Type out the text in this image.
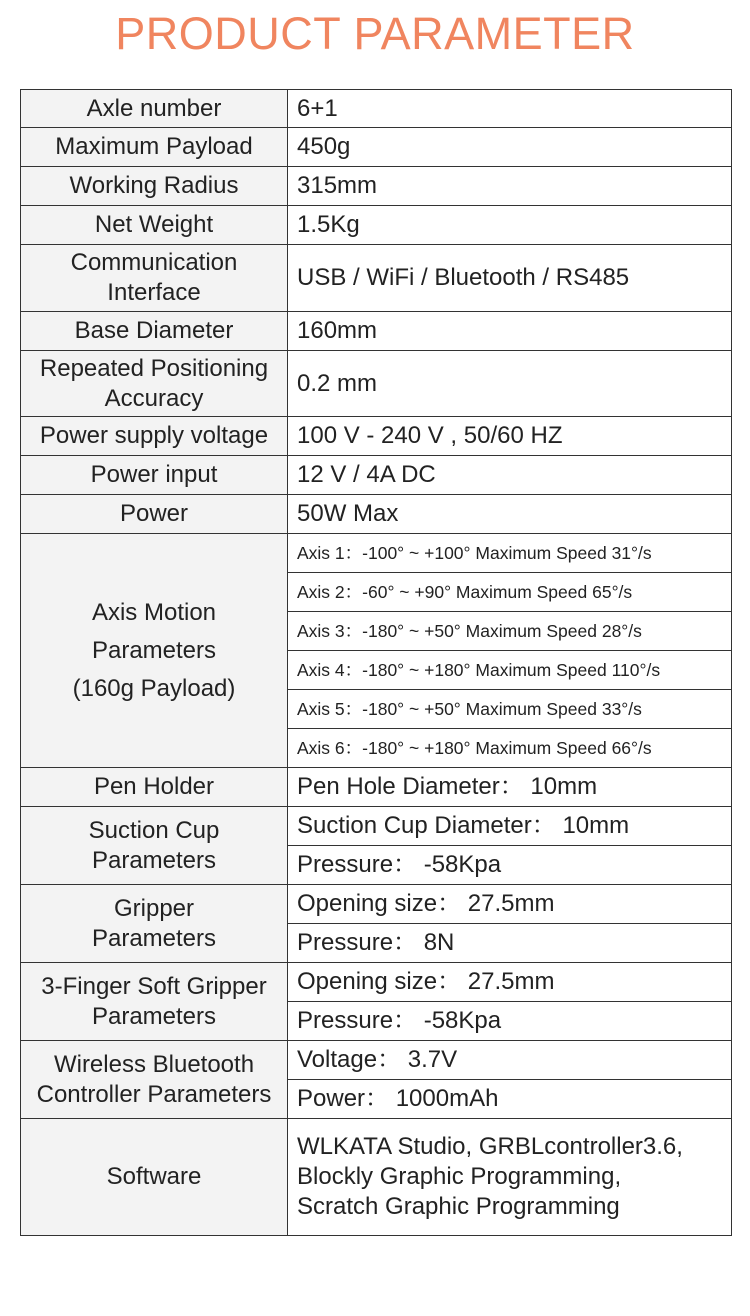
PRODUCT PARAMETER
Axle number	6+1
Maximum Payload	450g
Working Radius	315mm
Net Weight	1.5Kg

Communication
Interface	USB / WiFi / Bluetooth / RS485
Base Diameter	160mm

Repeated Positioning
Accuracy	0.2 mm
Power supply voltage	100 V - 240 V , 50/60 HZ
Power input	12 V / 4A DC
Power	50W Max

Axis Motion
Parameters
(160g Payload)	Axis 1：-100° ~ +100° Maximum Speed 31°/s
	Axis 2：-60° ~ +90° Maximum Speed 65°/s
	Axis 3：-180° ~ +50° Maximum Speed 28°/s
	Axis 4：-180° ~ +180° Maximum Speed 110°/s
	Axis 5：-180° ~ +50° Maximum Speed 33°/s
	Axis 6：-180° ~ +180° Maximum Speed 66°/s
Pen Holder	Pen Hole Diameter： 10mm

Suction Cup
Parameters	Suction Cup Diameter： 10mm
	Pressure： -58Kpa

Gripper
Parameters	Opening size： 27.5mm
	Pressure： 8N

3-Finger Soft Gripper
Parameters	Opening size： 27.5mm
	Pressure： -58Kpa

Wireless Bluetooth
Controller Parameters	Voltage： 3.7V
	Power： 1000mAh
Software	WLKATA Studio, GRBLcontroller3.6,
Blockly Graphic Programming,
Scratch Graphic Programming
